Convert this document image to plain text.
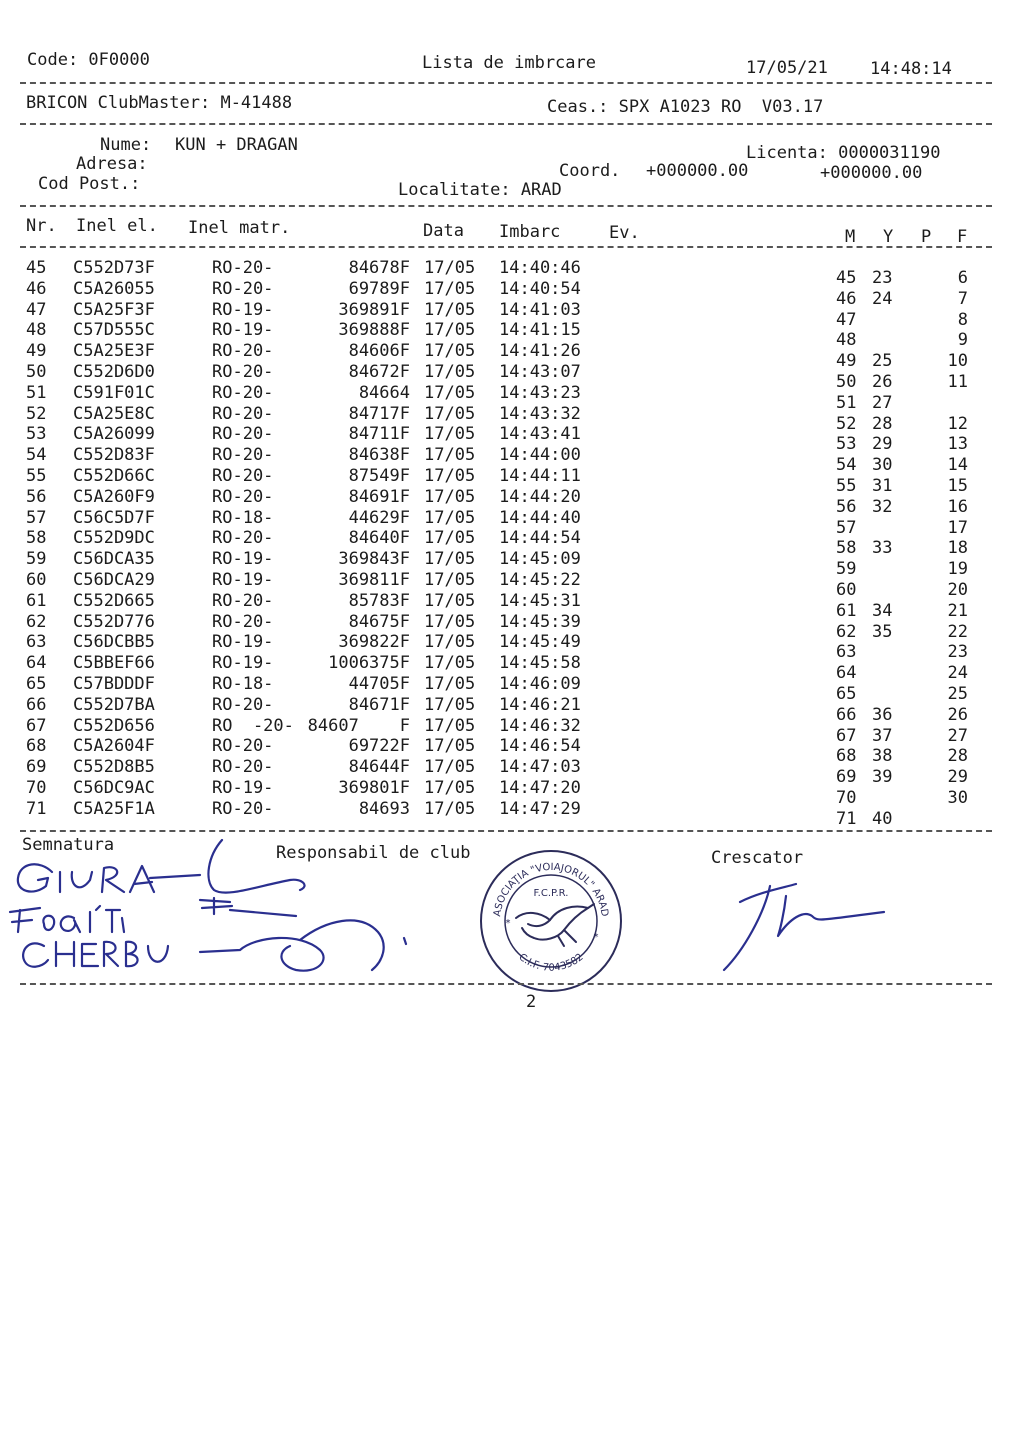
Code: 0F0000	Lista de imbrcare	17/05/21 14:48:14
BRICON ClubMaster: M-41488	Ceas.: SPX A1023 RO  V03.17
Nume: KUN + DRAGAN	Licenta: 0000031190
Adresa:	Coord. +000000.00	+000000.00
Cod Post.:	Localitate: ARAD
Nr. Inel el. Inel matr.	Data Imbarc	Ev.	M Y P F
45 C552D73F	RO-20-	84678F 17/05 14:40:46	45 23	6
46 C5A26055	RO-20-	69789F 17/05 14:40:54	46 24	7
47 C5A25F3F	RO-19-	369891F 17/05 14:41:03	47	8
48 C57D555C	RO-19-	369888F 17/05 14:41:15	48	9
49 C5A25E3F	RO-20-	84606F 17/05 14:41:26	49 25	10
50 C552D6D0	RO-20-	84672F 17/05 14:43:07	50 26	11
51 C591F01C	RO-20-	84664 17/05 14:43:23	51 27
52 C5A25E8C	RO-20-	84717F 17/05 14:43:32	52 28	12
53 C5A26099	RO-20-	84711F 17/05 14:43:41	53 29	13
54 C552D83F	RO-20-	84638F 17/05 14:44:00	54 30	14
55 C552D66C	RO-20-	87549F 17/05 14:44:11	55 31	15
56 C5A260F9	RO-20-	84691F 17/05 14:44:20	56 32	16
57 C56C5D7F	RO-18-	44629F 17/05 14:44:40	57	17
58 C552D9DC	RO-20-	84640F 17/05 14:44:54	58 33	18
59 C56DCA35	RO-19-	369843F 17/05 14:45:09	59	19
60 C56DCA29	RO-19-	369811F 17/05 14:45:22	60	20
61 C552D665	RO-20-	85783F 17/05 14:45:31	61 34	21
62 C552D776	RO-20-	84675F 17/05 14:45:39	62 35	22
63 C56DCBB5	RO-19-	369822F 17/05 14:45:49	63	23
64 C5BBEF66	RO-19-	1006375F 17/05 14:45:58	64	24
65 C57BDDDF	RO-18-	44705F 17/05 14:46:09	65	25
66 C552D7BA	RO-20-	84671F 17/05 14:46:21	66 36	26
67 C552D656	RO  -20- 84607    F 17/05 14:46:32	67 37	27
68 C5A2604F	RO-20-	69722F 17/05 14:46:54	68 38	28
69 C552D8B5	RO-20-	84644F 17/05 14:47:03	69 39	29
70 C56DC9AC	RO-19-	369801F 17/05 14:47:20	70	30
71 C5A25F1A	RO-20-	84693 17/05 14:47:29	71 40
Semnatura	Responsabil de club	Crescator
ASOCIAŢIA "VOIAJORUL" ARAD
F.C.P.R.
C.I.F. 7043582
*
*
2
